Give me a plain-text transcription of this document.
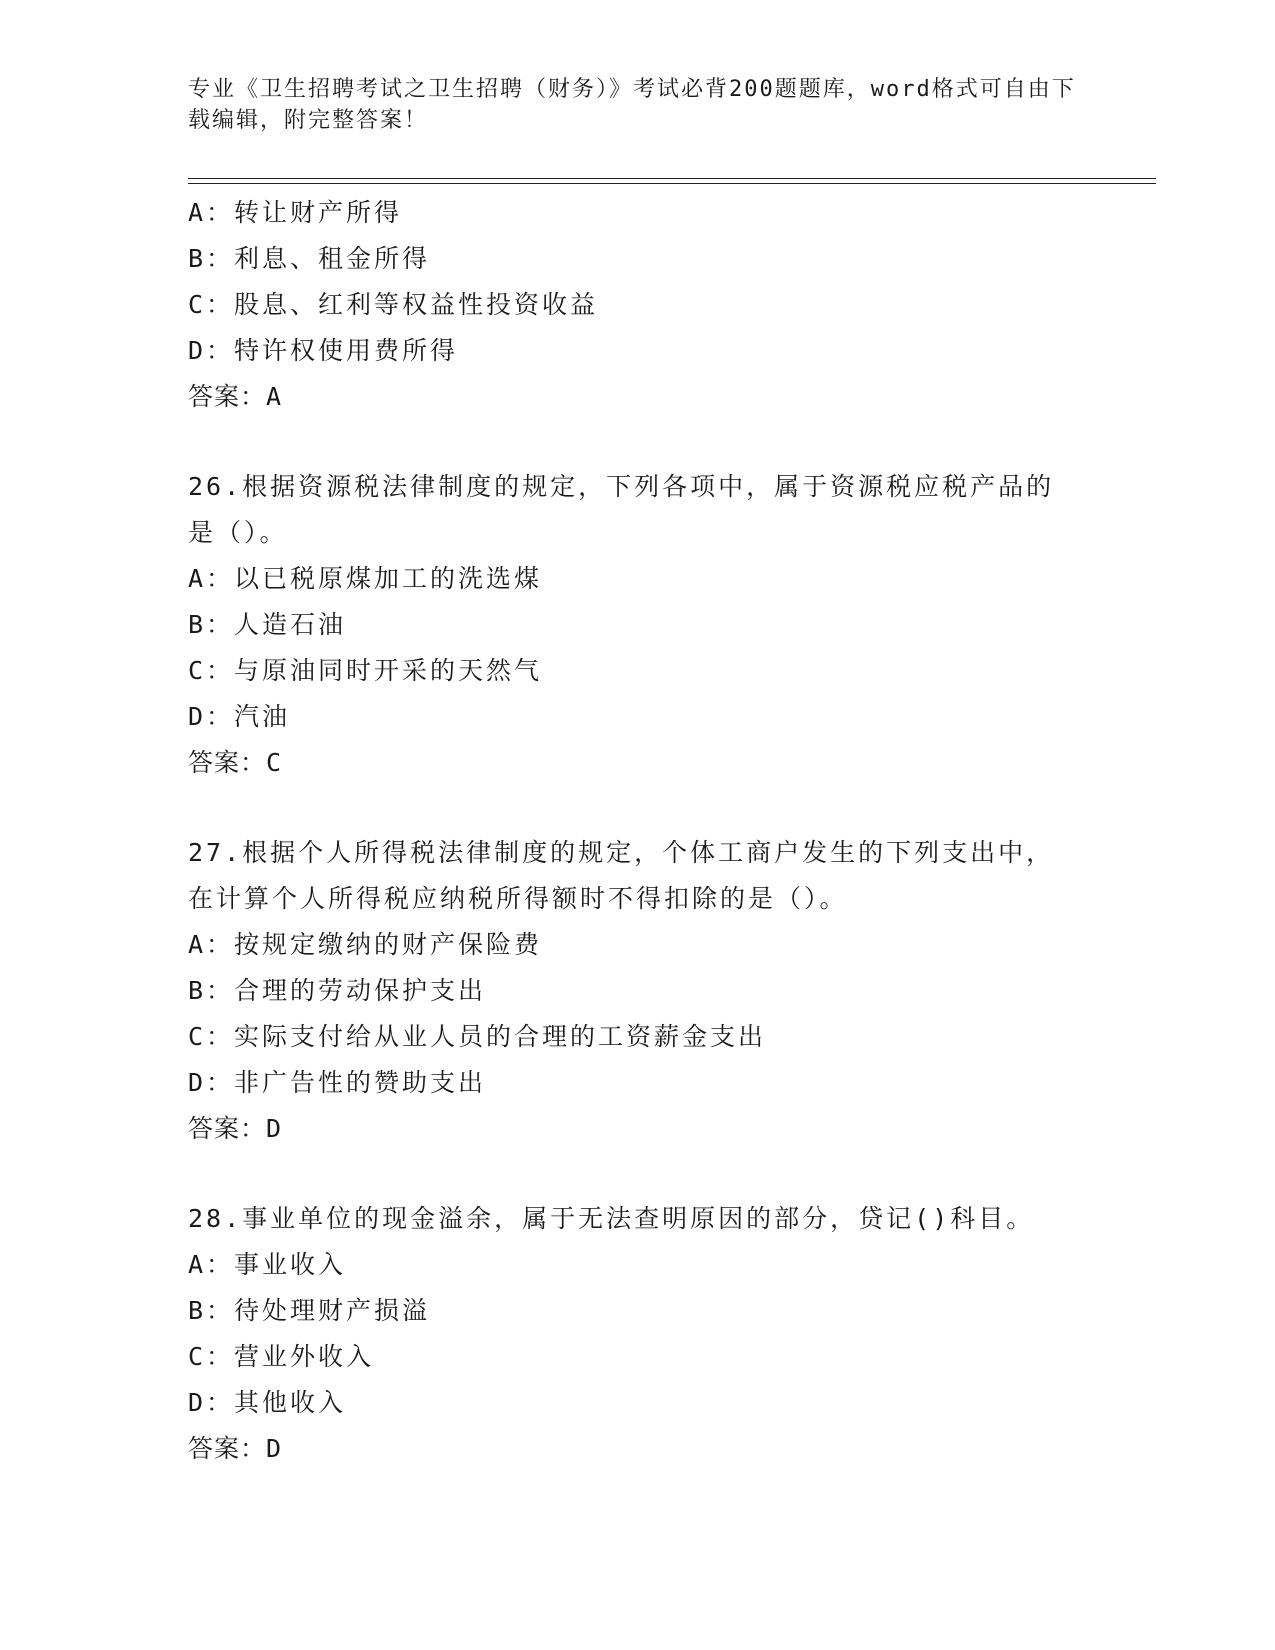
专业《卫生招聘考试之卫生招聘（财务）》考试必背200题题库，word格式可自由下载编辑，附完整答案！
A：转让财产所得
B：利息、租金所得
C：股息、红利等权益性投资收益
D：特许权使用费所得
答案：A
26.根据资源税法律制度的规定，下列各项中，属于资源税应税产品的
是（）。
A：以已税原煤加工的洗选煤
B：人造石油
C：与原油同时开采的天然气
D：汽油
答案：C
27.根据个人所得税法律制度的规定，个体工商户发生的下列支出中，
在计算个人所得税应纳税所得额时不得扣除的是（）。
A：按规定缴纳的财产保险费
B：合理的劳动保护支出
C：实际支付给从业人员的合理的工资薪金支出
D：非广告性的赞助支出
答案：D
28.事业单位的现金溢余，属于无法查明原因的部分，贷记()科目。
A：事业收入
B：待处理财产损溢
C：营业外收入
D：其他收入
答案：D
